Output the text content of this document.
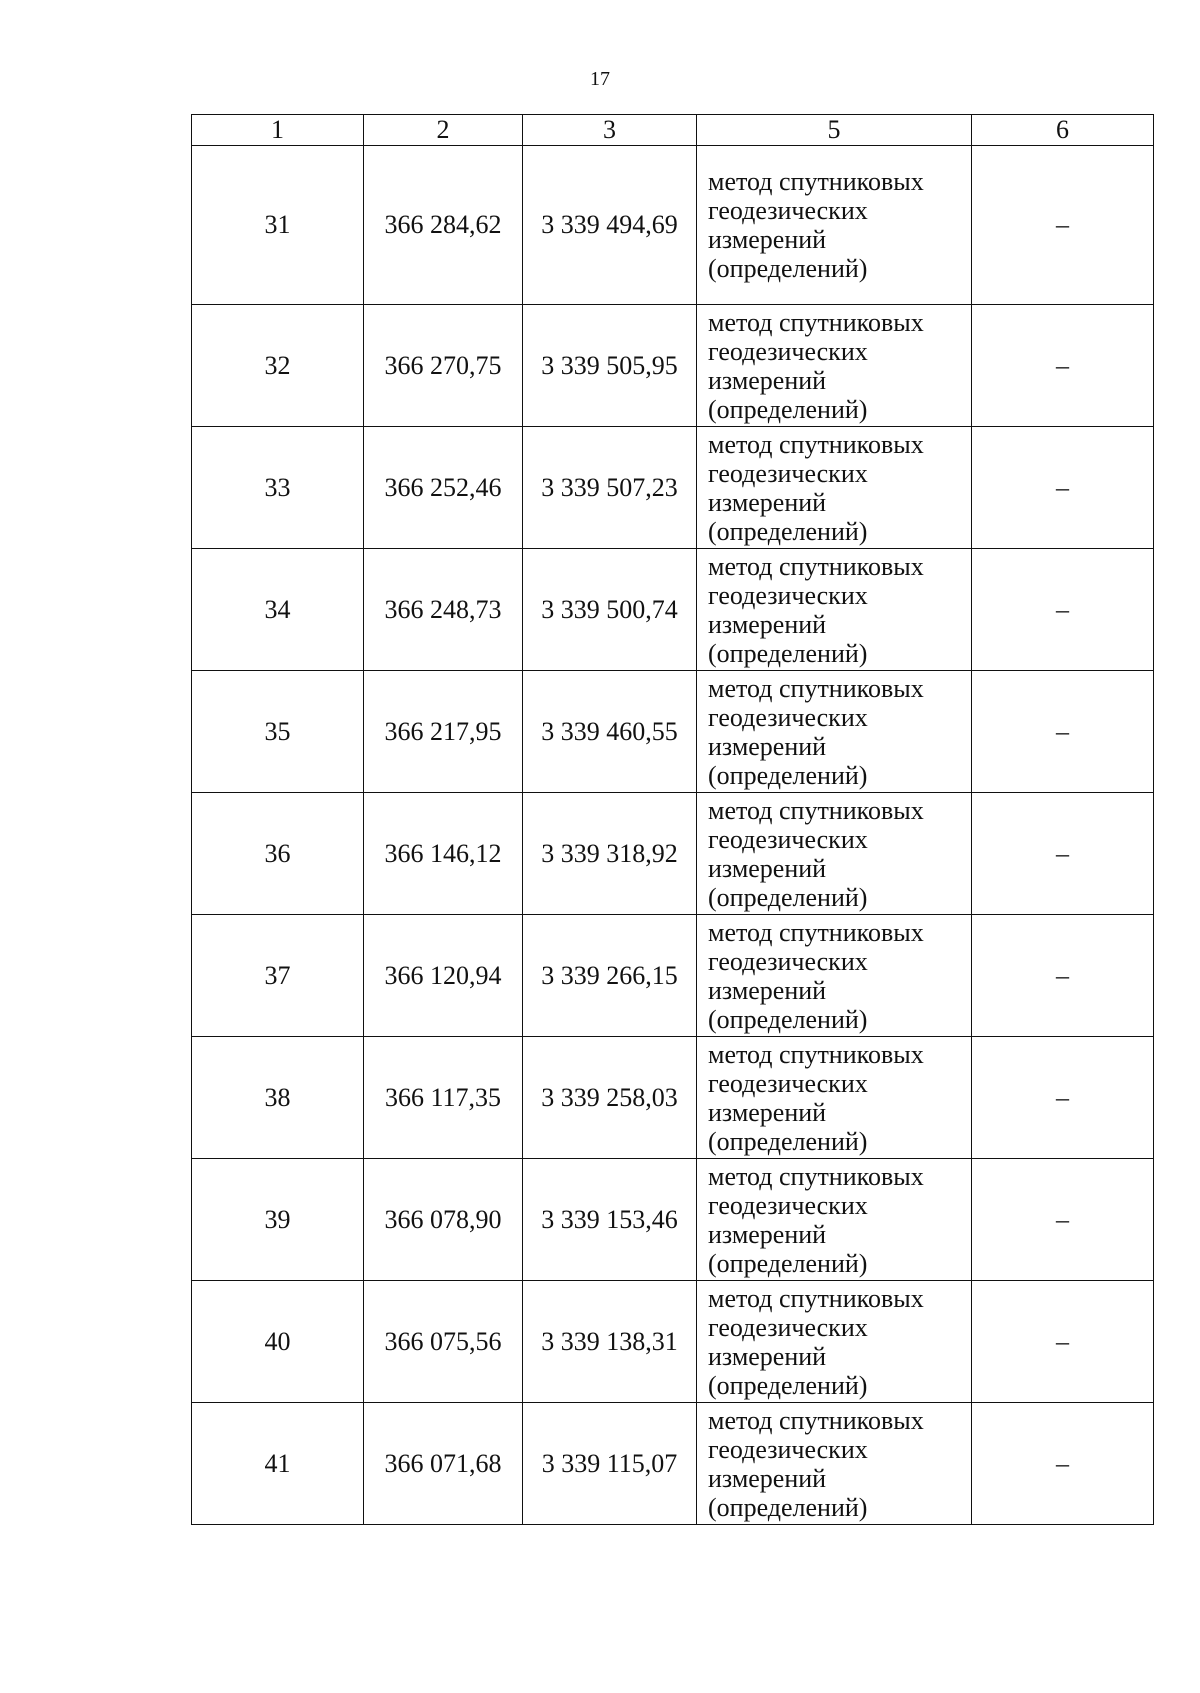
17
1	2	3	5	6
31	366 284,62	3 339 494,69	метод спутниковых
геодезических
измерений
(определений)	–
32	366 270,75	3 339 505,95	метод спутниковых
геодезических
измерений
(определений)	–
33	366 252,46	3 339 507,23	метод спутниковых
геодезических
измерений
(определений)	–
34	366 248,73	3 339 500,74	метод спутниковых
геодезических
измерений
(определений)	–
35	366 217,95	3 339 460,55	метод спутниковых
геодезических
измерений
(определений)	–
36	366 146,12	3 339 318,92	метод спутниковых
геодезических
измерений
(определений)	–
37	366 120,94	3 339 266,15	метод спутниковых
геодезических
измерений
(определений)	–
38	366 117,35	3 339 258,03	метод спутниковых
геодезических
измерений
(определений)	–
39	366 078,90	3 339 153,46	метод спутниковых
геодезических
измерений
(определений)	–
40	366 075,56	3 339 138,31	метод спутниковых
геодезических
измерений
(определений)	–
41	366 071,68	3 339 115,07	метод спутниковых
геодезических
измерений
(определений)	–
